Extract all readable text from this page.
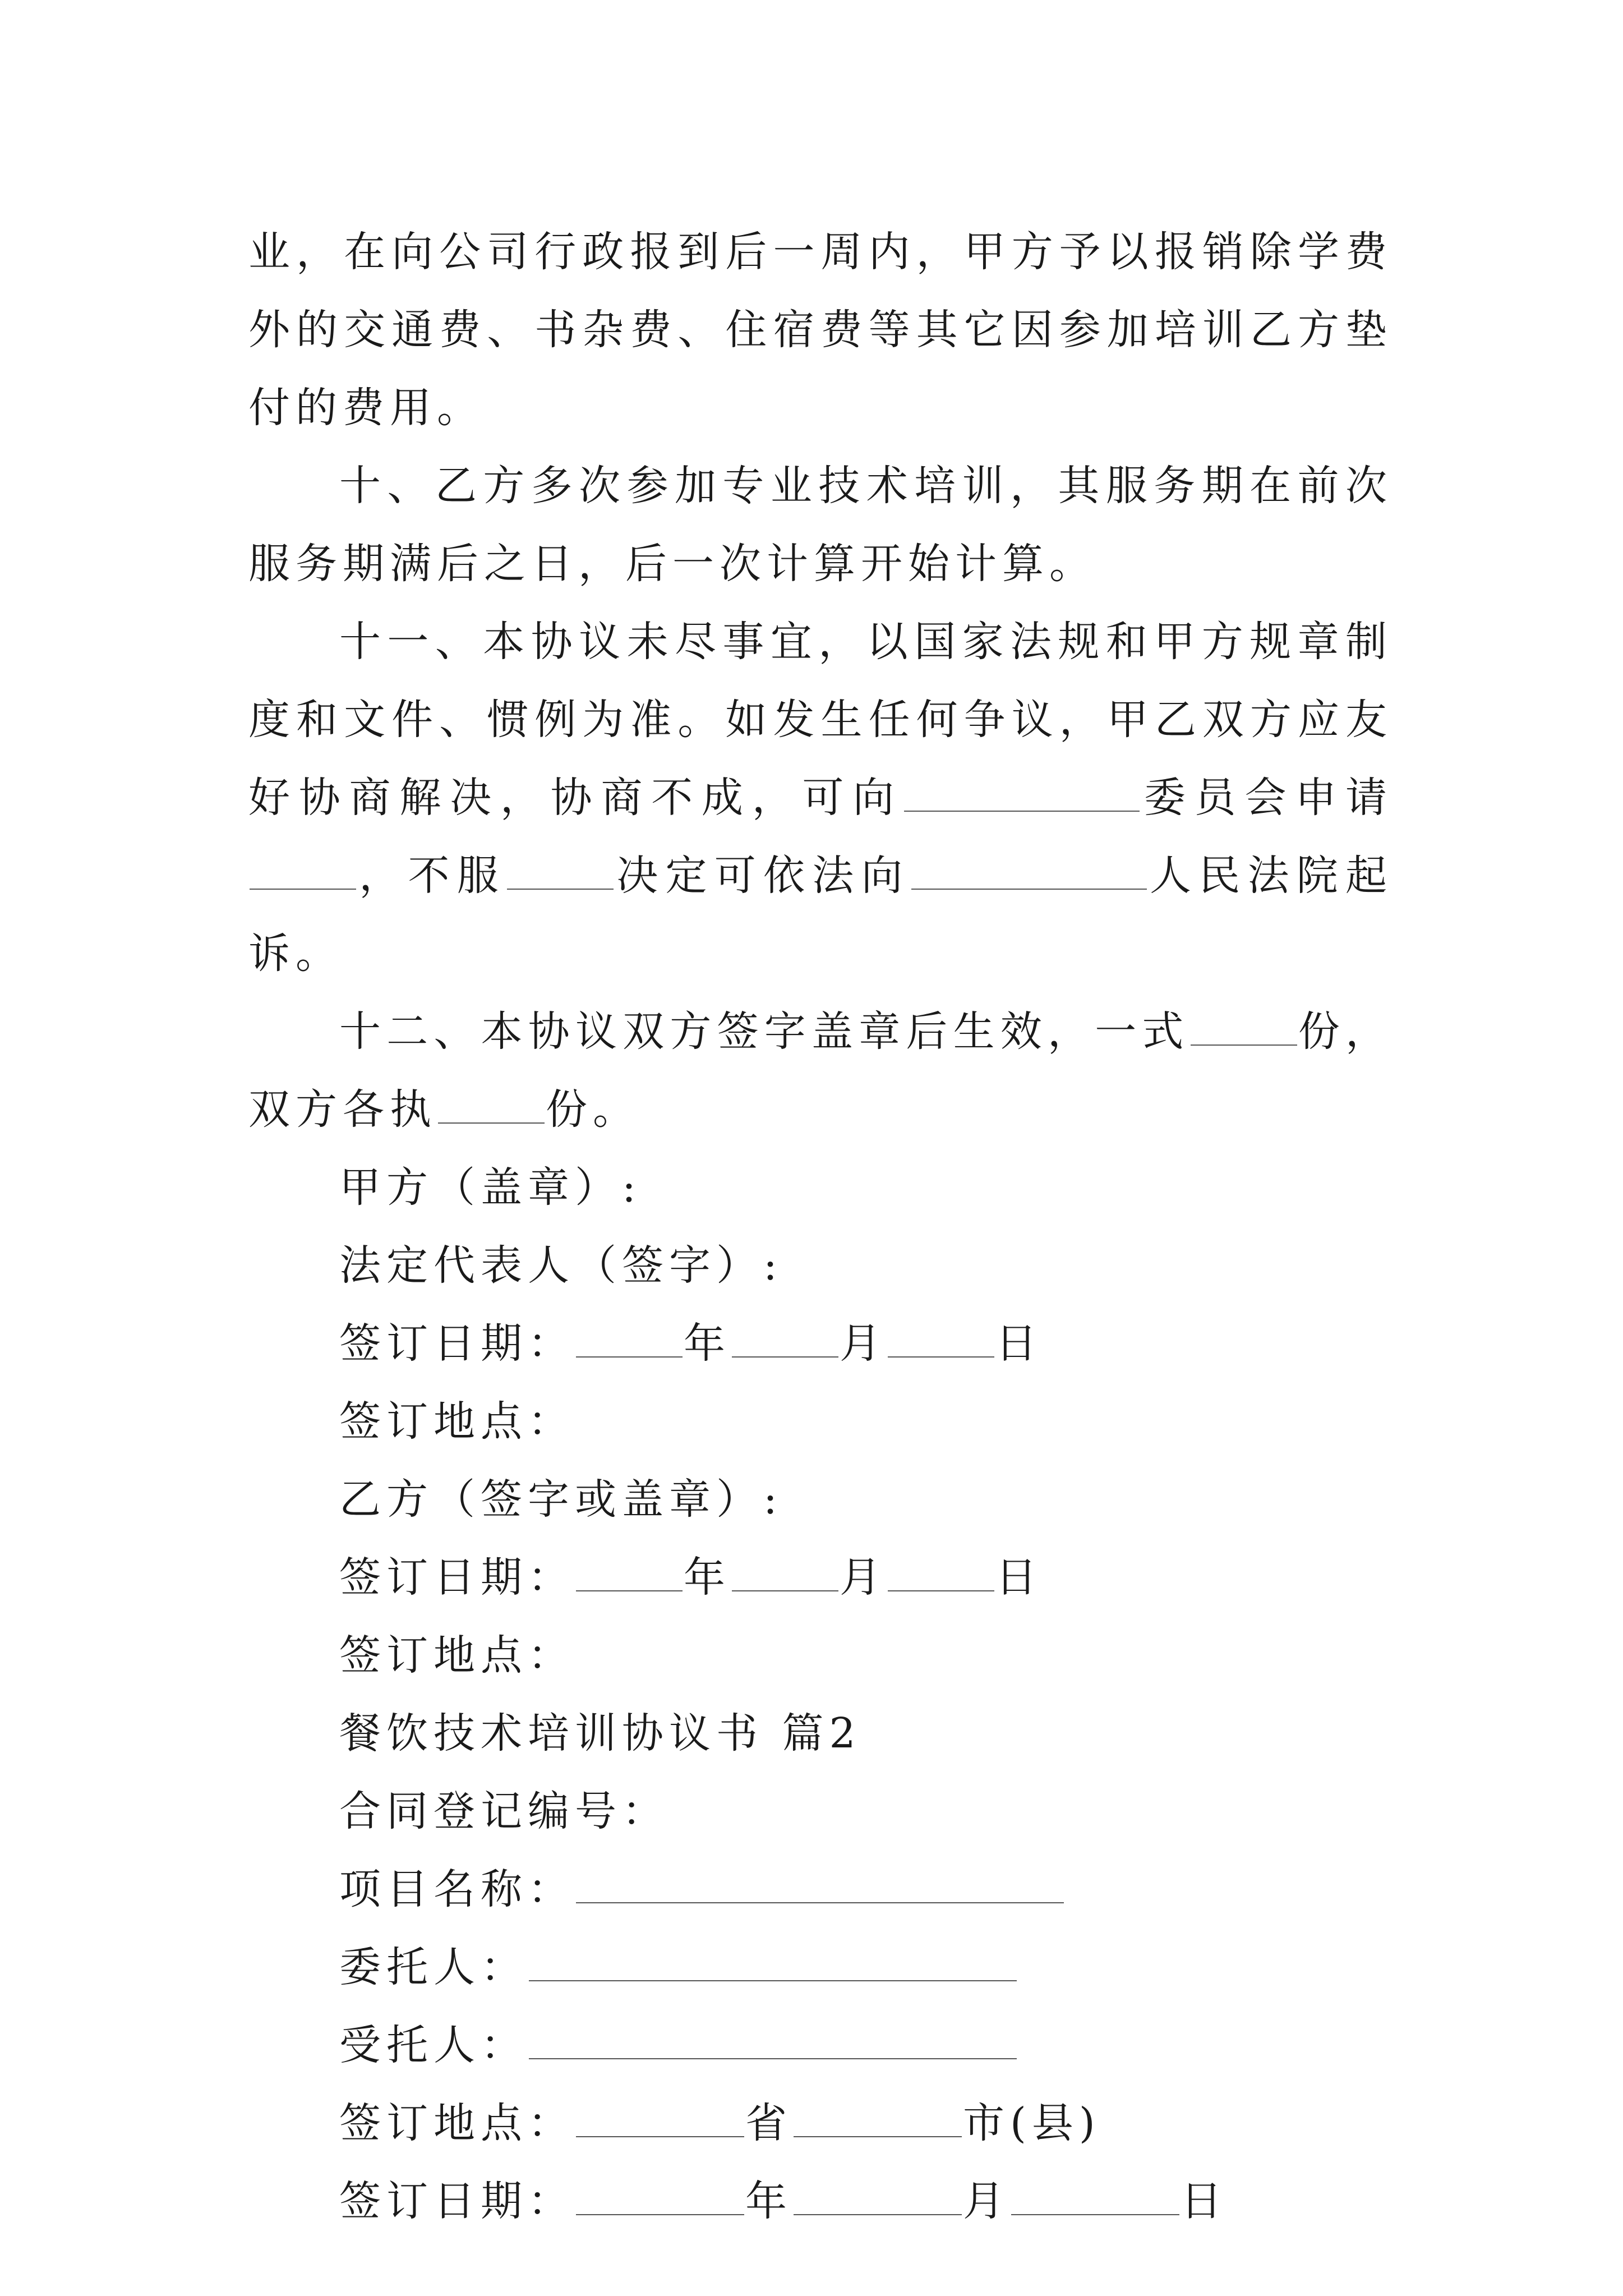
业，在向公司行政报到后一周内，甲方予以报销除学费外的交通费、书杂费、住宿费等其它因参加培训乙方垫付的费用。

十、乙方多次参加专业技术培训，其服务期在前次服务期满后之日，后一次计算开始计算。

十一、本协议未尽事宜，以国家法规和甲方规章制度和文件、惯例为准。如发生任何争议，甲乙双方应友好协商解决，协商不成，可向	委员会申请，不服	决定可依法向	人民法院起诉。

十二、本协议双方签字盖章后生效，一式	份，双方各执	份。

甲方（盖章）:
法定代表人（签字）:
签订日期：	年	月	日
签订地点：
乙方（签字或盖章）:
签订日期：	年	月	日
签订地点：
餐饮技术培训协议书 篇2
合同登记编号：
项目名称：
委托人：
受托人：
签订地点：	省	市(县)
签订日期：	年	月	日
